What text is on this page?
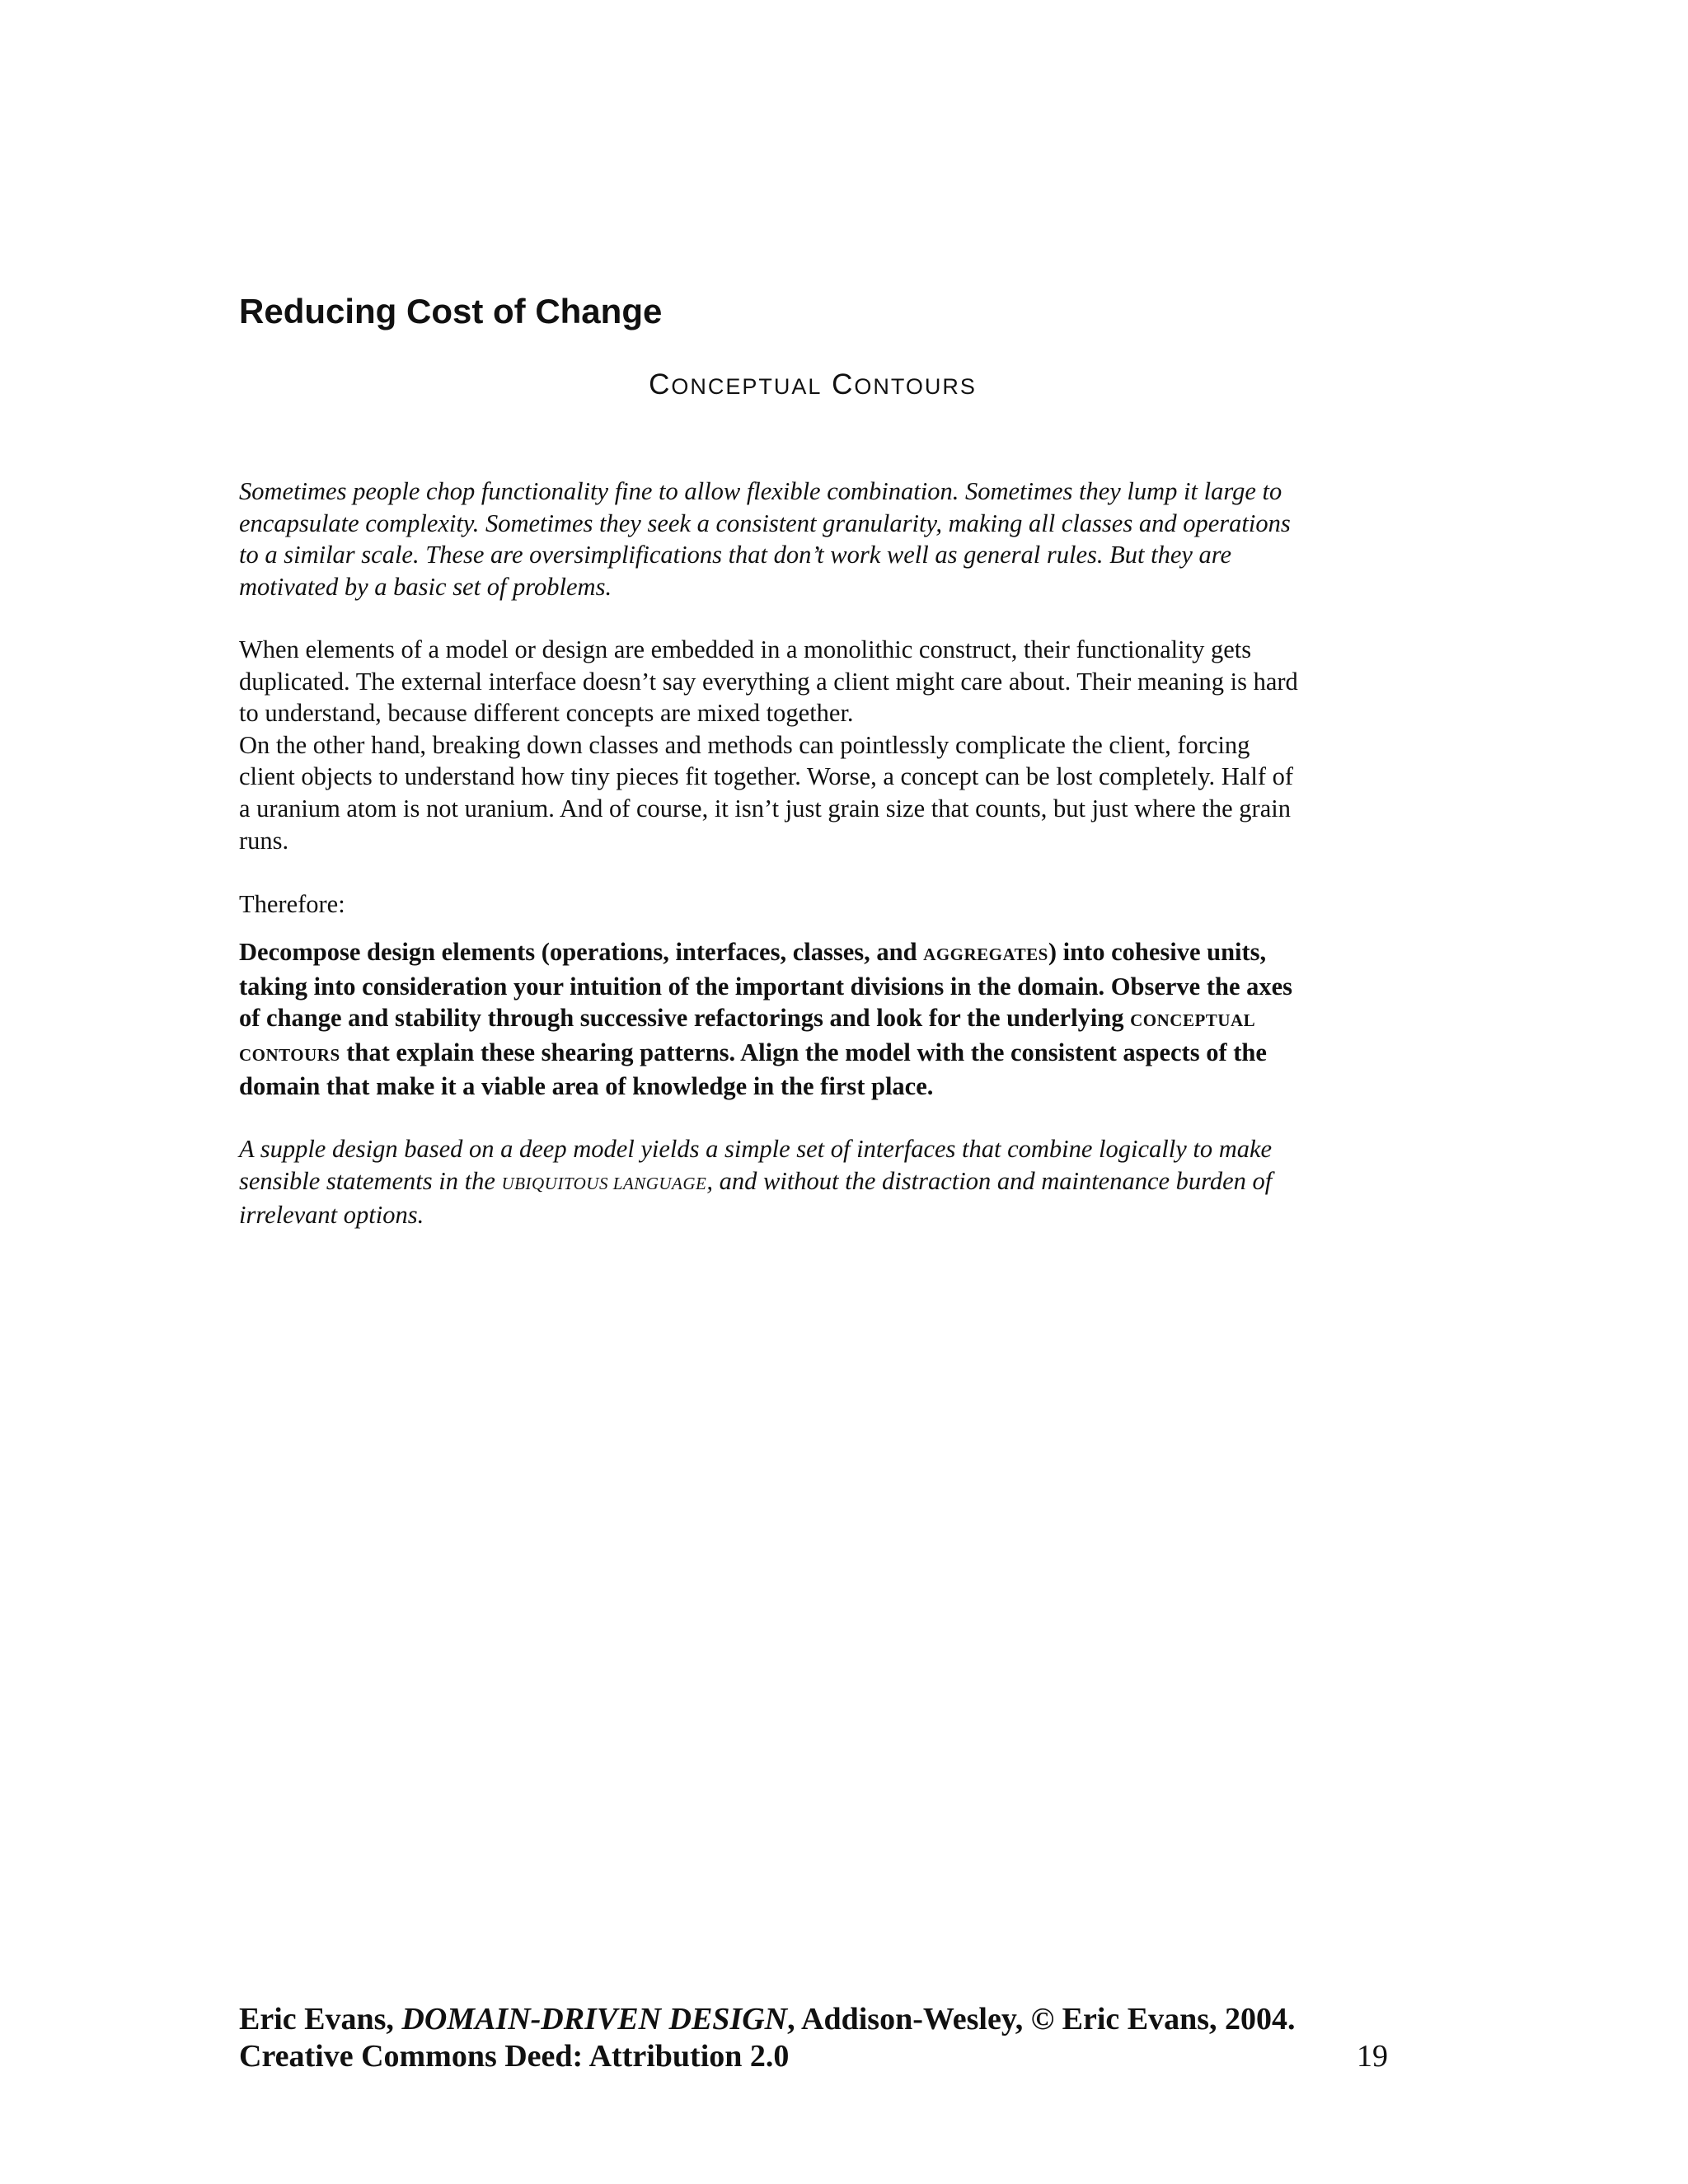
Reducing Cost of Change
CONCEPTUAL CONTOURS

Sometimes people chop functionality fine to allow flexible combination. Sometimes they lump it large to
encapsulate complexity. Sometimes they seek a consistent granularity, making all classes and operations
to a similar scale. These are oversimplifications that don’t work well as general rules. But they are
motivated by a basic set of problems.

When elements of a model or design are embedded in a monolithic construct, their functionality gets
duplicated. The external interface doesn’t say everything a client might care about. Their meaning is hard
to understand, because different concepts are mixed together.
On the other hand, breaking down classes and methods can pointlessly complicate the client, forcing
client objects to understand how tiny pieces fit together. Worse, a concept can be lost completely. Half of
a uranium atom is not uranium. And of course, it isn’t just grain size that counts, but just where the grain
runs.

Therefore:

Decompose design elements (operations, interfaces, classes, and AGGREGATES) into cohesive units,
taking into consideration your intuition of the important divisions in the domain. Observe the axes
of change and stability through successive refactorings and look for the underlying CONCEPTUAL
CONTOURS that explain these shearing patterns. Align the model with the consistent aspects of the
domain that make it a viable area of knowledge in the first place.

A supple design based on a deep model yields a simple set of interfaces that combine logically to make
sensible statements in the UBIQUITOUS LANGUAGE, and without the distraction and maintenance burden of
irrelevant options.

Eric Evans, DOMAIN-DRIVEN DESIGN, Addison-Wesley, © Eric Evans, 2004.
Creative Commons Deed: Attribution 2.0	19
